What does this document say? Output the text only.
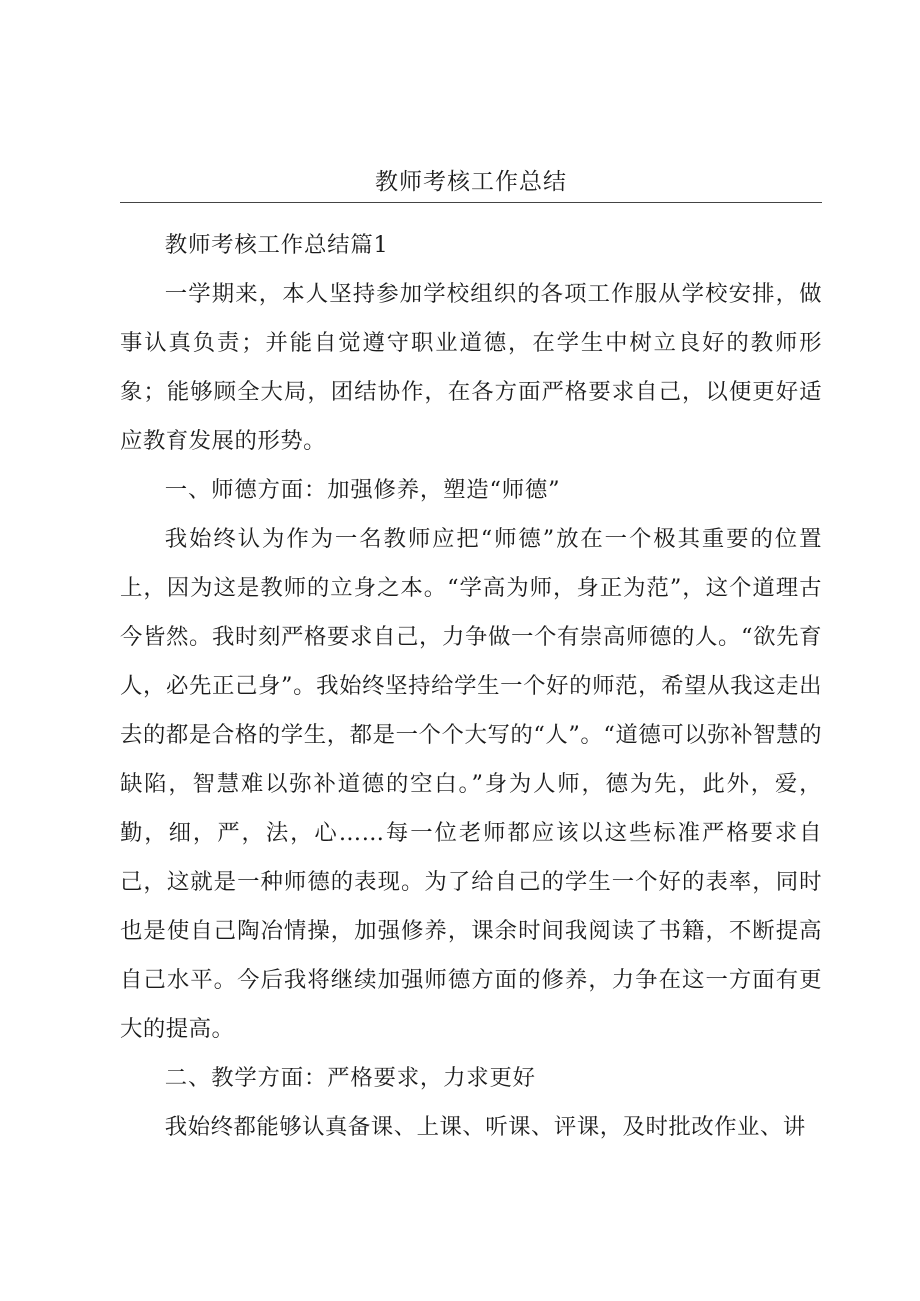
教师考核工作总结

教师考核工作总结篇1

一学期来，本人坚持参加学校组织的各项工作服从学校安排，做事认真负责；并能自觉遵守职业道德，在学生中树立良好的教师形象；能够顾全大局，团结协作，在各方面严格要求自己，以便更好适应教育发展的形势。

一、师德方面：加强修养，塑造“师德”

我始终认为作为一名教师应把“师德”放在一个极其重要的位置上，因为这是教师的立身之本。“学高为师，身正为范”，这个道理古今皆然。我时刻严格要求自己，力争做一个有崇高师德的人。“欲先育人，必先正己身”。我始终坚持给学生一个好的师范，希望从我这走出去的都是合格的学生，都是一个个大写的“人”。“道德可以弥补智慧的缺陷，智慧难以弥补道德的空白。”身为人师，德为先，此外，爱，勤，细，严，法，心……每一位老师都应该以这些标准严格要求自己，这就是一种师德的表现。为了给自己的学生一个好的表率，同时也是使自己陶冶情操，加强修养，课余时间我阅读了书籍，不断提高自己水平。今后我将继续加强师德方面的修养，力争在这一方面有更大的提高。

二、教学方面：严格要求，力求更好

我始终都能够认真备课、上课、听课、评课，及时批改作业、讲
